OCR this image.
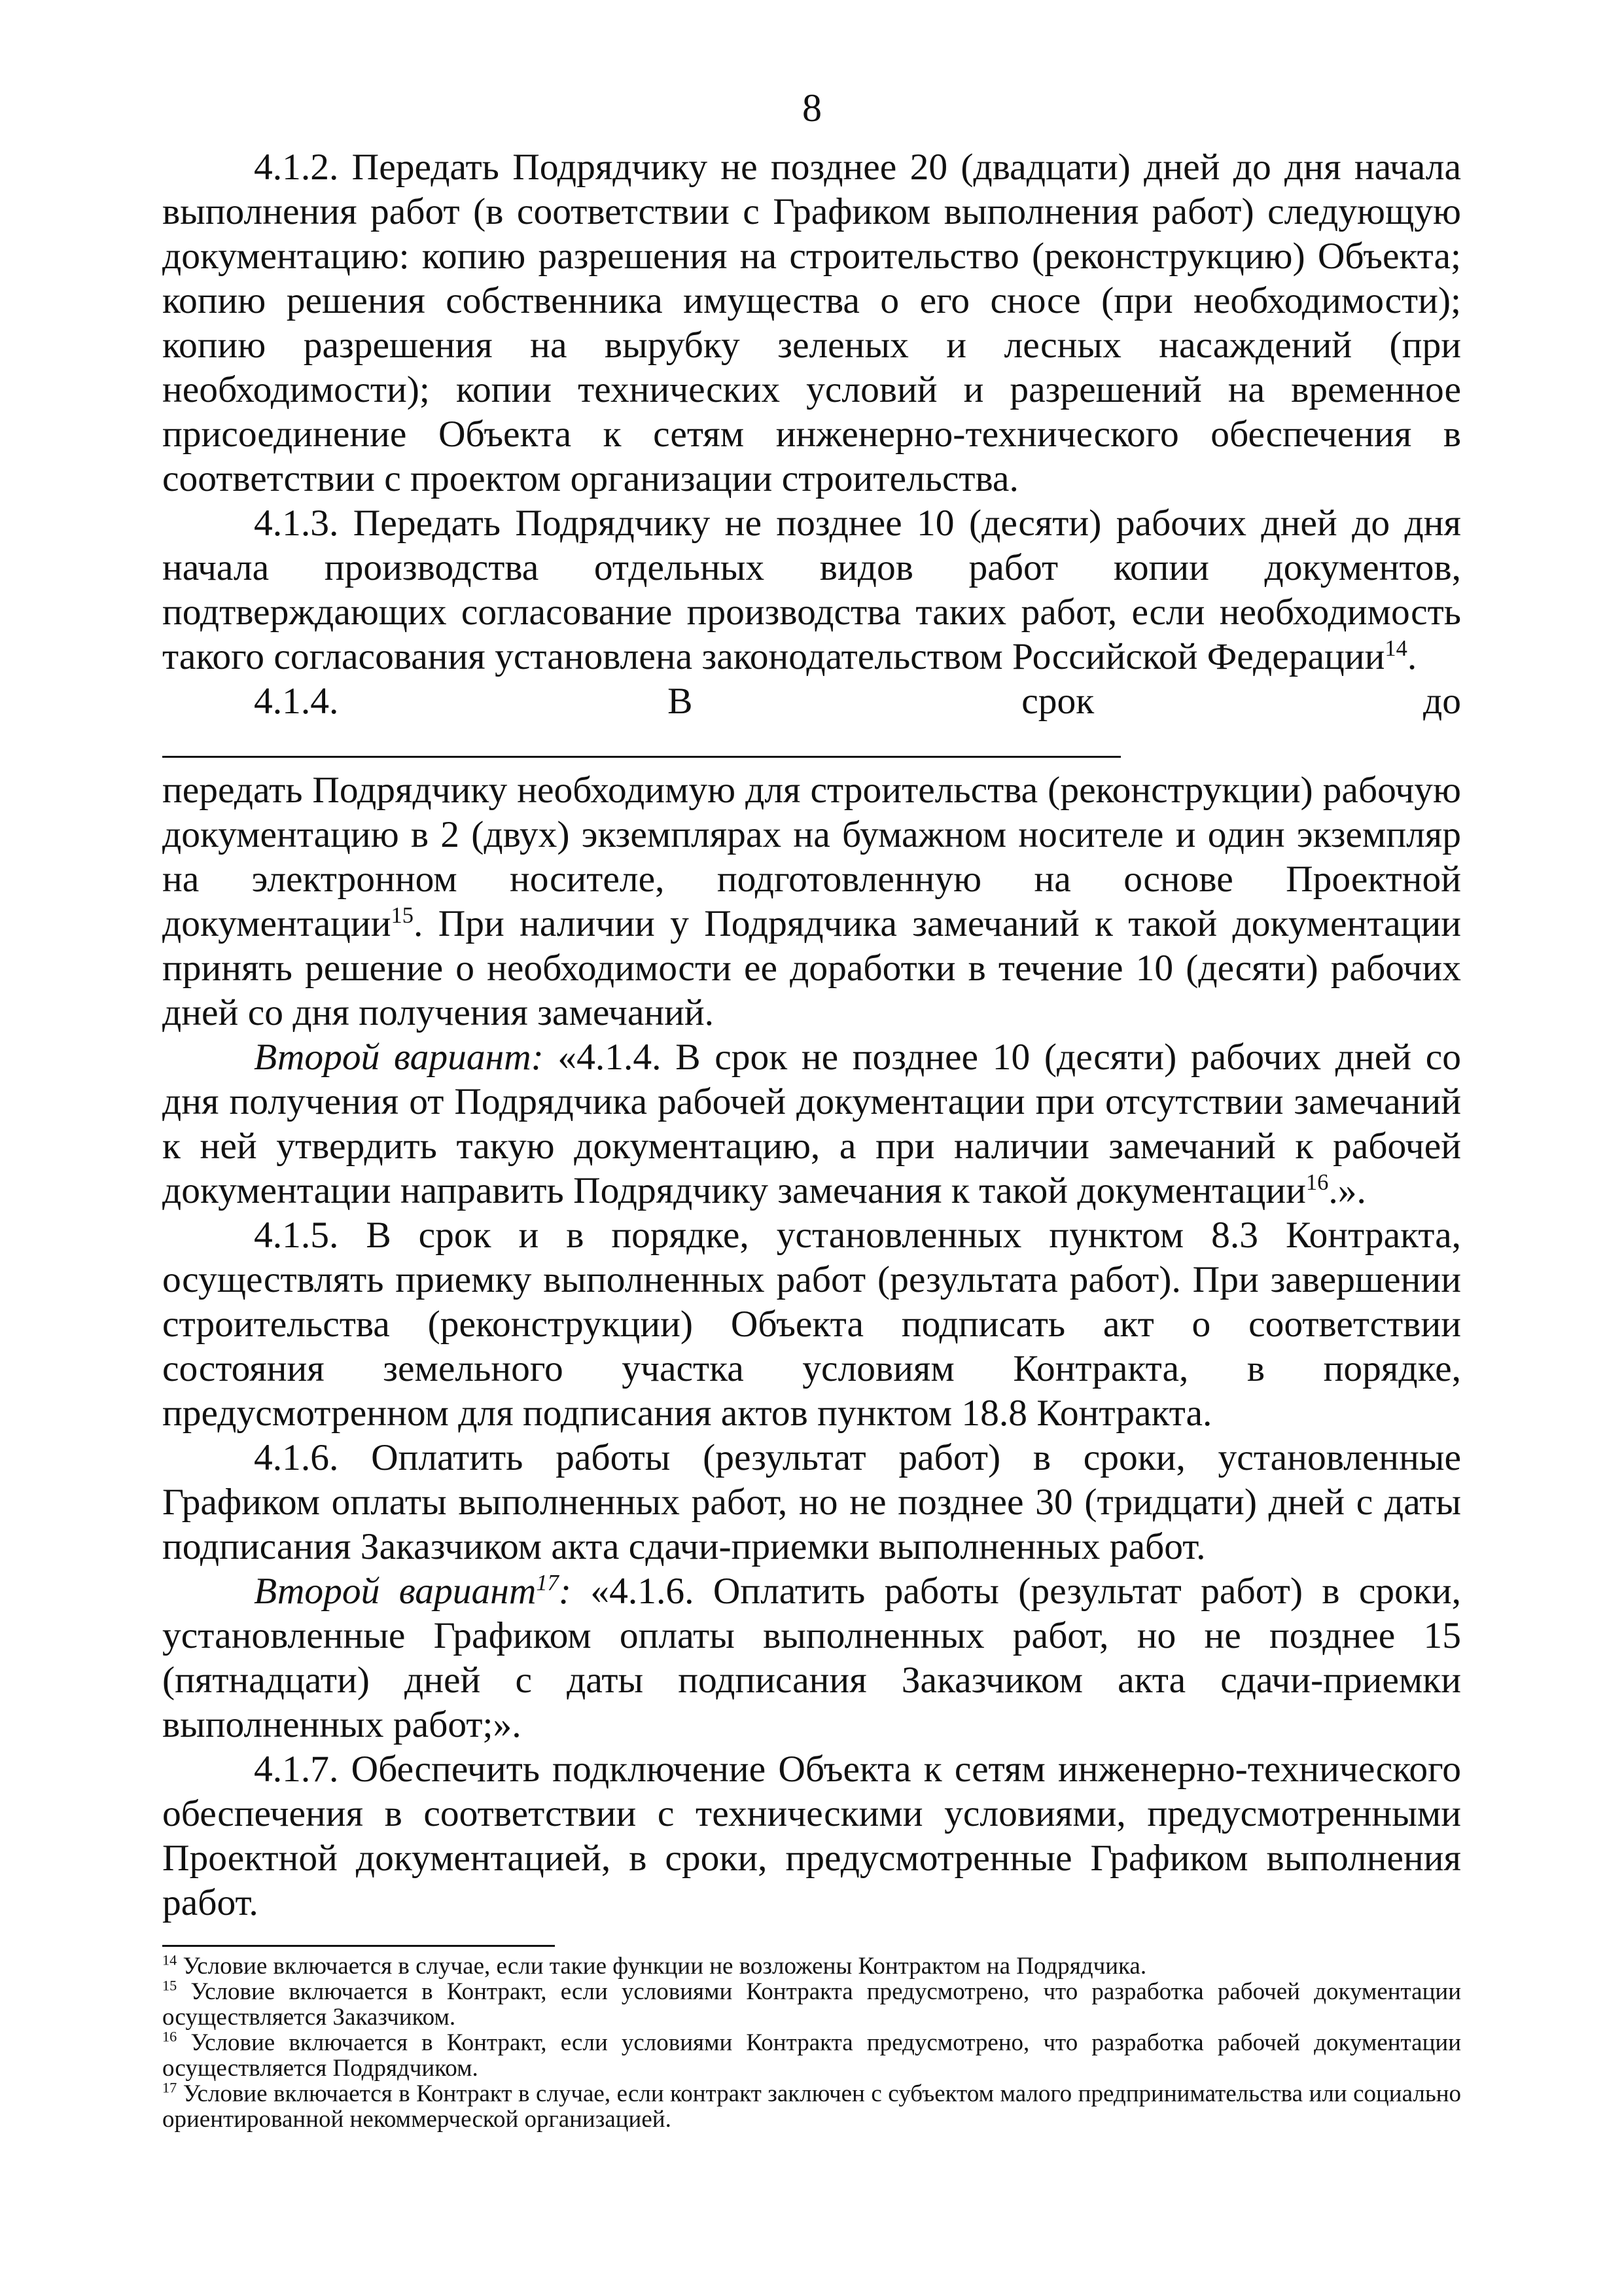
8

4.1.2. Передать Подрядчику не позднее 20 (двадцати) дней до дня начала выполнения работ (в соответствии с Графиком выполнения работ) следующую документацию: копию разрешения на строительство (реконструкцию) Объекта; копию решения собственника имущества о его сносе (при необходимости); копию разрешения на вырубку зеленых и лесных насаждений (при необходимости); копии технических условий и разрешений на временное присоединение Объекта к сетям инженерно-технического обеспечения в соответствии с проектом организации строительства.

4.1.3. Передать Подрядчику не позднее 10 (десяти) рабочих дней до дня начала производства отдельных видов работ копии документов, подтверждающих согласование производства таких работ, если необходимость такого согласования установлена законодательством Российской Федерации$^{14}$.

4.1.4. В срок до
передать Подрядчику необходимую для строительства (реконструкции) рабочую документацию в 2 (двух) экземплярах на бумажном носителе и один экземпляр на электронном носителе, подготовленную на основе Проектной документации$^{15}$. При наличии у Подрядчика замечаний к такой документации принять решение о необходимости ее доработки в течение 10 (десяти) рабочих дней со дня получения замечаний.

Второй вариант: «4.1.4. В срок не позднее 10 (десяти) рабочих дней со дня получения от Подрядчика рабочей документации при отсутствии замечаний к ней утвердить такую документацию, а при наличии замечаний к рабочей документации направить Подрядчику замечания к такой документации$^{16}$.».

4.1.5. В срок и в порядке, установленных пунктом 8.3 Контракта, осуществлять приемку выполненных работ (результата работ). При завершении строительства (реконструкции) Объекта подписать акт о соответствии состояния земельного участка условиям Контракта, в порядке, предусмотренном для подписания актов пунктом 18.8 Контракта.

4.1.6. Оплатить работы (результат работ) в сроки, установленные Графиком оплаты выполненных работ, но не позднее 30 (тридцати) дней с даты подписания Заказчиком акта сдачи-приемки выполненных работ.

Второй вариант$^{17}$: «4.1.6. Оплатить работы (результат работ) в сроки, установленные Графиком оплаты выполненных работ, но не позднее 15 (пятнадцати) дней с даты подписания Заказчиком акта сдачи-приемки выполненных работ;».

4.1.7. Обеспечить подключение Объекта к сетям инженерно-технического обеспечения в соответствии с техническими условиями, предусмотренными Проектной документацией, в сроки, предусмотренные Графиком выполнения работ.

$^{14}$ Условие включается в случае, если такие функции не возложены Контрактом на Подрядчика.

$^{15}$ Условие включается в Контракт, если условиями Контракта предусмотрено, что разработка рабочей документации осуществляется Заказчиком.

$^{16}$ Условие включается в Контракт, если условиями Контракта предусмотрено, что разработка рабочей документации осуществляется Подрядчиком.

$^{17}$ Условие включается в Контракт в случае, если контракт заключен с субъектом малого предпринимательства или социально ориентированной некоммерческой организацией.
